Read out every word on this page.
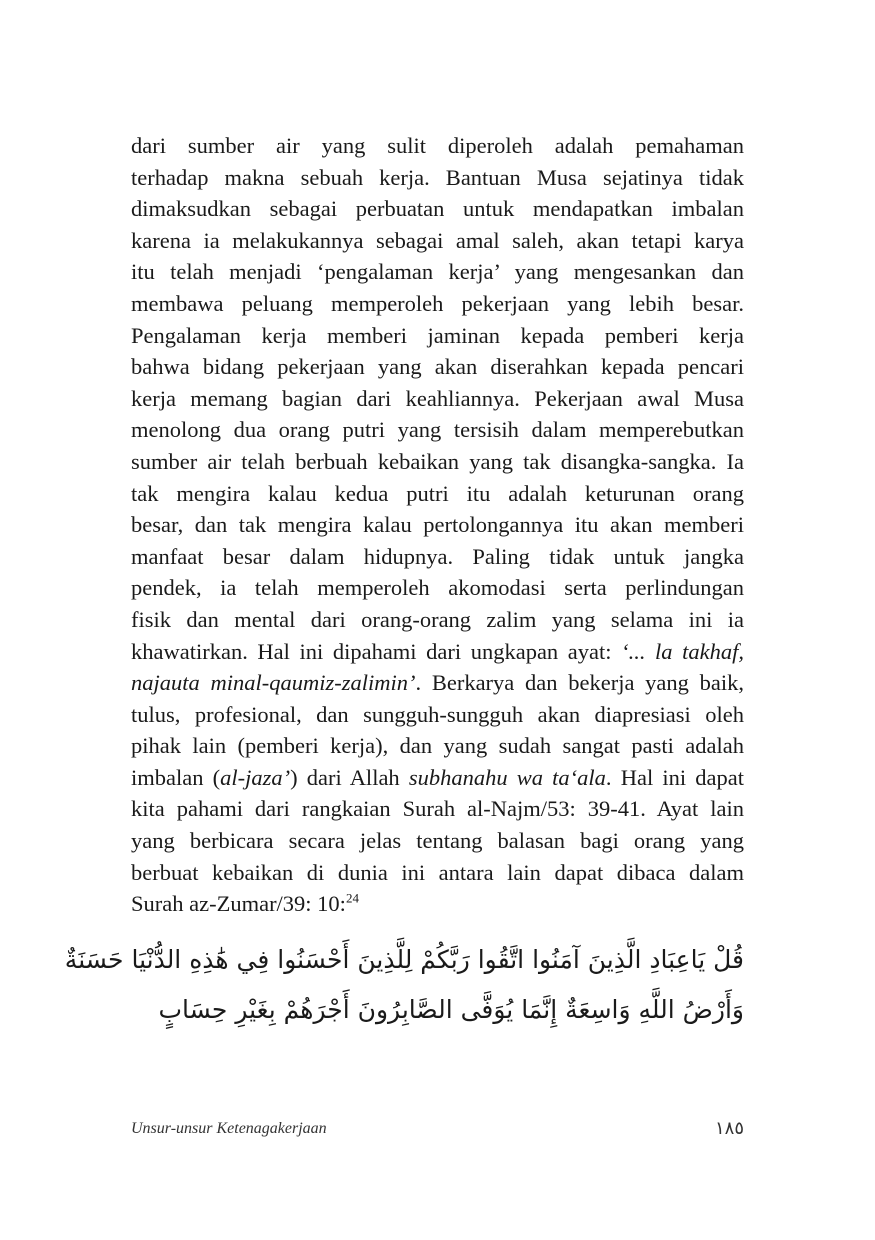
dari sumber air yang sulit diperoleh adalah pemahaman
terhadap makna sebuah kerja. Bantuan Musa sejatinya tidak
dimaksudkan sebagai perbuatan untuk mendapatkan imbalan
karena ia melakukannya sebagai amal saleh, akan tetapi karya
itu telah menjadi ‘pengalaman kerja’ yang mengesankan dan
membawa peluang memperoleh pekerjaan yang lebih besar.
Pengalaman kerja memberi jaminan kepada pemberi kerja
bahwa bidang pekerjaan yang akan diserahkan kepada pencari
kerja memang bagian dari keahliannya. Pekerjaan awal Musa
menolong dua orang putri yang tersisih dalam memperebutkan
sumber air telah berbuah kebaikan yang tak disangka-sangka. Ia
tak mengira kalau kedua putri itu adalah keturunan orang
besar, dan tak mengira kalau pertolongannya itu akan memberi
manfaat besar dalam hidupnya. Paling tidak untuk jangka
pendek, ia telah memperoleh akomodasi serta perlindungan
fisik dan mental dari orang-orang zalim yang selama ini ia
khawatirkan. Hal ini dipahami dari ungkapan ayat: ‘... la takhaf,
najauta minal-qaumiz-zalimin’. Berkarya dan bekerja yang baik,
tulus, profesional, dan sungguh-sungguh akan diapresiasi oleh
pihak lain (pemberi kerja), dan yang sudah sangat pasti adalah
imbalan (al-jaza’) dari Allah subhanahu wa ta‘ala. Hal ini dapat
kita pahami dari rangkaian Surah al-Najm/53: 39-41. Ayat lain
yang berbicara secara jelas tentang balasan bagi orang yang
berbuat kebaikan di dunia ini antara lain dapat dibaca dalam
Surah az-Zumar/39: 10:$^{24}$
قُلْ يَاعِبَادِ الَّذِينَ آمَنُوا اتَّقُوا رَبَّكُمْ لِلَّذِينَ أَحْسَنُوا فِي هَٰذِهِ الدُّنْيَا حَسَنَةٌ
وَأَرْضُ اللَّهِ وَاسِعَةٌ إِنَّمَا يُوَفَّى الصَّابِرُونَ أَجْرَهُمْ بِغَيْرِ حِسَابٍ
Unsur-unsur Ketenagakerjaan	١٨٥
